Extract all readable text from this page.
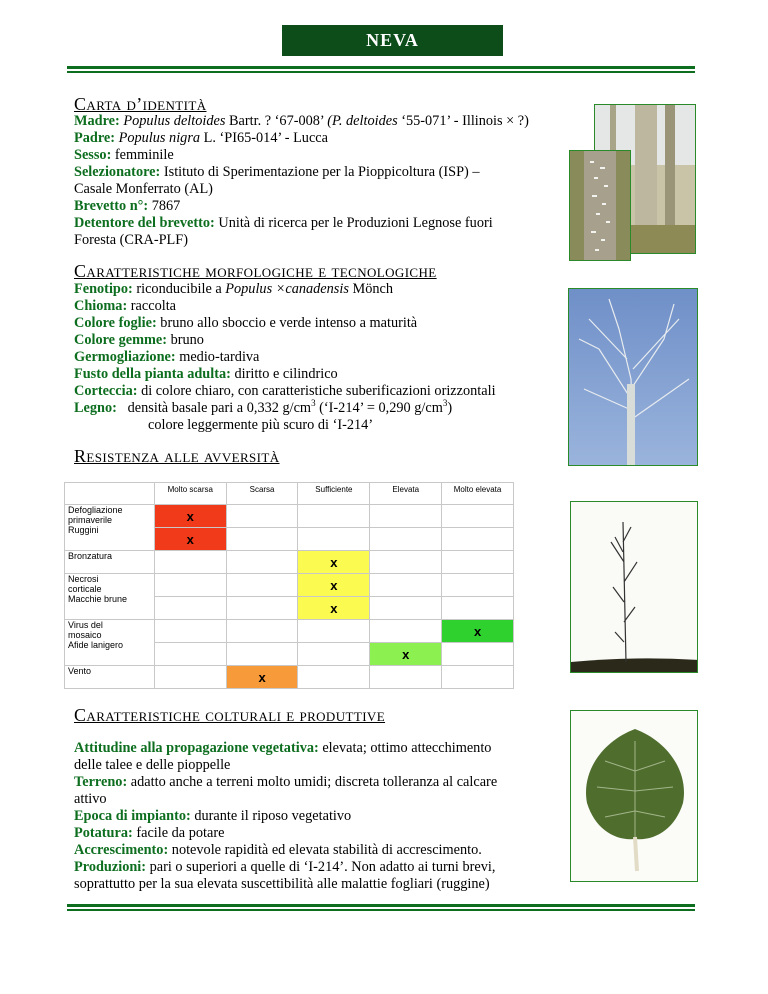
NEVA
Carta d’identità
Madre: Populus deltoides Bartr. ? ‘67-008’ (P. deltoides ‘55-071’ - Illinois × ?)
Padre: Populus nigra L. ‘PI65-014’ - Lucca
Sesso: femminile
Selezionatore: Istituto di Sperimentazione per la Pioppicoltura (ISP) –
Casale Monferrato (AL)
Brevetto n°: 7867
Detentore del brevetto: Unità di ricerca per le Produzioni Legnose fuori
Foresta (CRA-PLF)
Caratteristiche morfologiche e tecnologiche
Fenotipo: riconducibile a Populus ×canadensis Mönch
Chioma: raccolta
Colore foglie: bruno allo sboccio e verde intenso a maturità
Colore gemme: bruno
Germogliazione: medio-tardiva
Fusto della pianta adulta: diritto e cilindrico
Corteccia: di colore chiaro, con caratteristiche suberificazioni orizzontali
Legno: densità basale pari a 0,332 $g/cm^3$ (‘I-214’ = 0,290 $g/cm^3$)
colore leggermente più scuro di ‘I-214’
Resistenza alle avversità
	Molto scarsa	Scarsa	Sufficiente	Elevata	Molto elevata

Defogliazione
primaverile
Ruggini	x				
	x				

Bronzatura			x		

Necrosi
corticale
Macchie brune			x		
			x		

Virus del
mosaico
Afide lanigero					x
				x	

Vento		x			
Caratteristiche colturali e produttive
Attitudine alla propagazione vegetativa: elevata; ottimo attecchimento
delle talee e delle pioppelle
Terreno: adatto anche a terreni molto umidi; discreta tolleranza al calcare
attivo
Epoca di impianto: durante il riposo vegetativo
Potatura: facile da potare
Accrescimento: notevole rapidità ed elevata stabilità di accrescimento.
Produzioni: pari o superiori a quelle di ‘I-214’. Non adatto ai turni brevi,
soprattutto per la sua elevata suscettibilità alle malattie fogliari (ruggine)
